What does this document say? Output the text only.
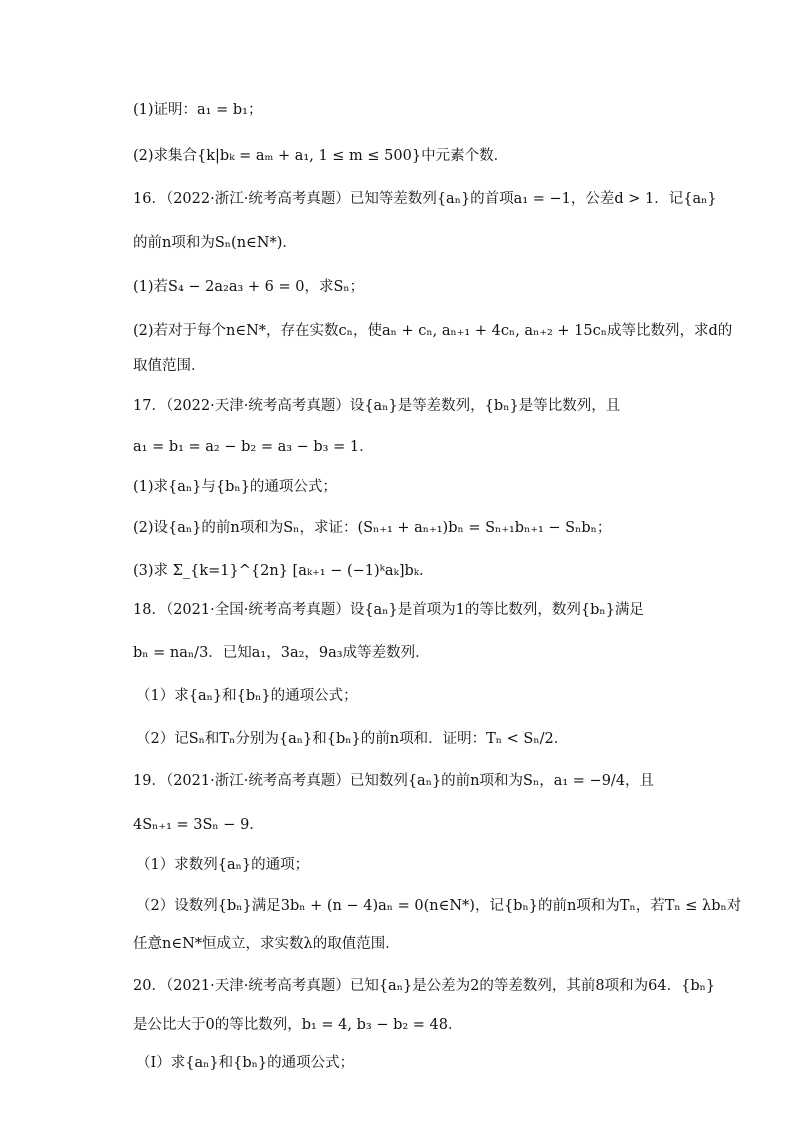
(1)证明：a₁ = b₁；
(2)求集合{k|bₖ = aₘ + a₁, 1 ≤ m ≤ 500}中元素个数．
16．（2022·浙江·统考高考真题）已知等差数列{aₙ}的首项a₁ = −1，公差d > 1．记{aₙ}
的前n项和为Sₙ(n∈N*)．
(1)若S₄ − 2a₂a₃ + 6 = 0，求Sₙ；
(2)若对于每个n∈N*，存在实数cₙ，使aₙ + cₙ, aₙ₊₁ + 4cₙ, aₙ₊₂ + 15cₙ成等比数列，求d的
取值范围．
17．（2022·天津·统考高考真题）设{aₙ}是等差数列，{bₙ}是等比数列，且
a₁ = b₁ = a₂ − b₂ = a₃ − b₃ = 1．
(1)求{aₙ}与{bₙ}的通项公式；
(2)设{aₙ}的前n项和为Sₙ，求证：(Sₙ₊₁ + aₙ₊₁)bₙ = Sₙ₊₁bₙ₊₁ − Sₙbₙ；
(3)求 Σ_{k=1}^{2n} [aₖ₊₁ − (−1)ᵏaₖ]bₖ．
18．（2021·全国·统考高考真题）设{aₙ}是首项为1的等比数列，数列{bₙ}满足
bₙ = naₙ/3．已知a₁，3a₂，9a₃成等差数列．
（1）求{aₙ}和{bₙ}的通项公式；
（2）记Sₙ和Tₙ分别为{aₙ}和{bₙ}的前n项和．证明：Tₙ < Sₙ/2．
19．（2021·浙江·统考高考真题）已知数列{aₙ}的前n项和为Sₙ，a₁ = −9/4，且
4Sₙ₊₁ = 3Sₙ − 9．
（1）求数列{aₙ}的通项；
（2）设数列{bₙ}满足3bₙ + (n − 4)aₙ = 0(n∈N*)，记{bₙ}的前n项和为Tₙ，若Tₙ ≤ λbₙ对
任意n∈N*恒成立，求实数λ的取值范围．
20．（2021·天津·统考高考真题）已知{aₙ}是公差为2的等差数列，其前8项和为64．{bₙ}
是公比大于0的等比数列，b₁ = 4, b₃ − b₂ = 48．
（I）求{aₙ}和{bₙ}的通项公式；
